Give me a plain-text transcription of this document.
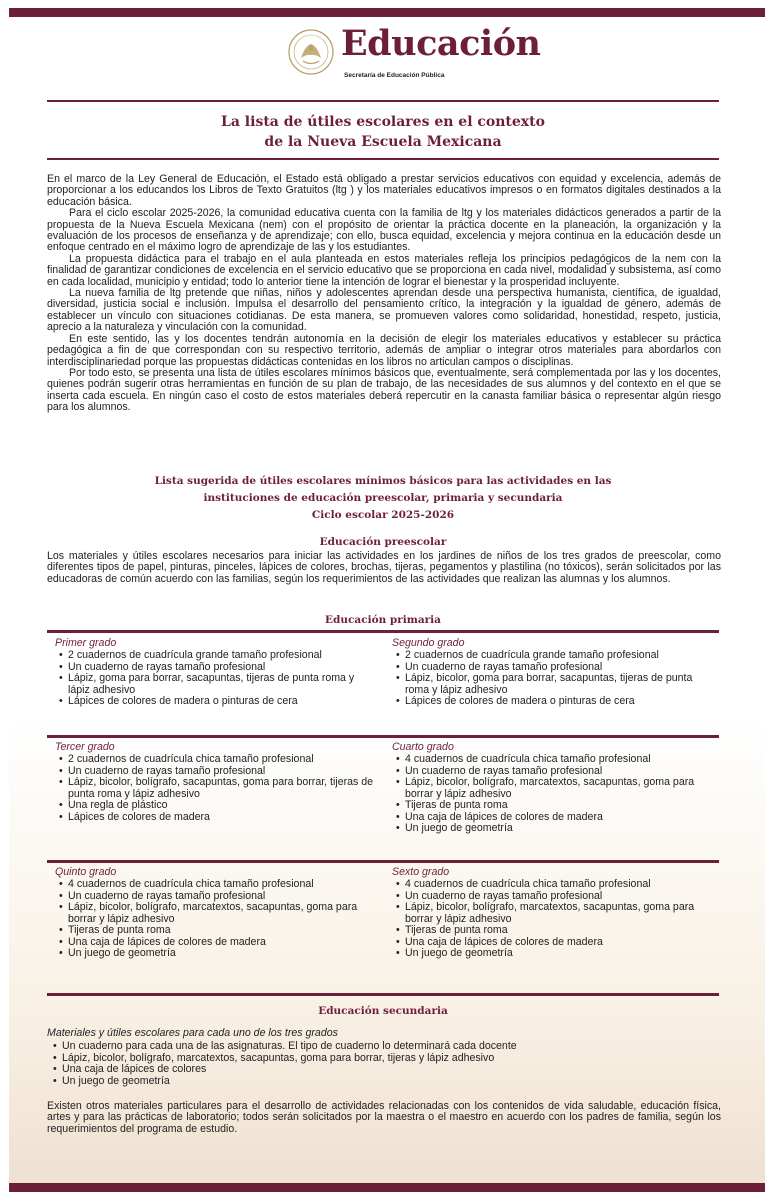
Educación
Secretaría de Educación Pública
La lista de útiles escolares en el contexto
de la Nueva Escuela Mexicana

En el marco de la Ley General de Educación, el Estado está obligado a prestar servicios educativos con equidad y excelencia, además de proporcionar a los educandos los Libros de Texto Gratuitos (ltg ) y los materiales educativos impresos o en formatos digitales destinados a la educación básica.

Para el ciclo escolar 2025-2026, la comunidad educativa cuenta con la familia de ltg y los materiales didácticos generados a partir de la propuesta de la Nueva Escuela Mexicana (nem) con el propósito de orientar la práctica docente en la planeación, la organización y la evaluación de los procesos de enseñanza y de aprendizaje; con ello, busca equidad, excelencia y mejora continua en la educación desde un enfoque centrado en el máximo logro de aprendizaje de las y los estudiantes.

La propuesta didáctica para el trabajo en el aula planteada en estos materiales refleja los principios pedagógicos de la nem con la finalidad de garantizar condiciones de excelencia en el servicio educativo que se proporciona en cada nivel, modalidad y subsistema, así como en cada localidad, municipio y entidad; todo lo anterior tiene la intención de lograr el bienestar y la prosperidad incluyente.

La nueva familia de ltg pretende que niñas, niños y adolescentes aprendan desde una perspectiva humanista, científica, de igualdad, diversidad, justicia social e inclusión. Impulsa el desarrollo del pensamiento crítico, la integración y la igualdad de género, además de establecer un vínculo con situaciones cotidianas. De esta manera, se promueven valores como solidaridad, honestidad, respeto, justicia, aprecio a la naturaleza y vinculación con la comunidad.

En este sentido, las y los docentes tendrán autonomía en la decisión de elegir los materiales educativos y establecer su práctica pedagógica a fin de que correspondan con su respectivo territorio, además de ampliar o integrar otros materiales para abordarlos con interdisciplinariedad porque las propuestas didácticas contenidas en los libros no articulan campos o disciplinas.

Por todo esto, se presenta una lista de útiles escolares mínimos básicos que, eventualmente, será complementada por las y los docentes, quienes podrán sugerir otras herramientas en función de su plan de trabajo, de las necesidades de sus alumnos y del contexto en el que se inserta cada escuela. En ningún caso el costo de estos materiales deberá repercutir en la canasta familiar básica o representar algún riesgo para los alumnos.

Lista sugerida de útiles escolares mínimos básicos para las actividades en las
instituciones de educación preescolar, primaria y secundaria
Ciclo escolar 2025-2026
Educación preescolar

Los materiales y útiles escolares necesarios para iniciar las actividades en los jardines de niños de los tres grados de preescolar, como diferentes tipos de papel, pinturas, pinceles, lápices de colores, brochas, tijeras, pegamentos y plastilina (no tóxicos), serán solicitados por las educadoras de común acuerdo con las familias, según los requerimientos de las actividades que realizan las alumnas y los alumnos.

Educación primaria
Primer grado
• 2 cuadernos de cuadrícula grande tamaño profesional
• Un cuaderno de rayas tamaño profesional
• Lápiz, goma para borrar, sacapuntas, tijeras de punta roma y lápiz adhesivo
• Lápices de colores de madera o pinturas de cera
Segundo grado
• 2 cuadernos de cuadrícula grande tamaño profesional
• Un cuaderno de rayas tamaño profesional
• Lápiz, bicolor, goma para borrar, sacapuntas, tijeras de punta roma y lápiz adhesivo
• Lápices de colores de madera o pinturas de cera
Tercer grado
• 2 cuadernos de cuadrícula chica tamaño profesional
• Un cuaderno de rayas tamaño profesional
• Lápiz, bicolor, bolígrafo, sacapuntas, goma para borrar, tijeras de punta roma y lápiz adhesivo
• Una regla de plástico
• Lápices de colores de madera
Cuarto grado
• 4 cuadernos de cuadrícula chica tamaño profesional
• Un cuaderno de rayas tamaño profesional
• Lápiz, bicolor, bolígrafo, marcatextos, sacapuntas, goma para borrar y lápiz adhesivo
• Tijeras de punta roma
• Una caja de lápices de colores de madera
• Un juego de geometría
Quinto grado
• 4 cuadernos de cuadrícula chica tamaño profesional
• Un cuaderno de rayas tamaño profesional
• Lápiz, bicolor, bolígrafo, marcatextos, sacapuntas, goma para borrar y lápiz adhesivo
• Tijeras de punta roma
• Una caja de lápices de colores de madera
• Un juego de geometría
Sexto grado
• 4 cuadernos de cuadrícula chica tamaño profesional
• Un cuaderno de rayas tamaño profesional
• Lápiz, bicolor, bolígrafo, marcatextos, sacapuntas, goma para borrar y lápiz adhesivo
• Tijeras de punta roma
• Una caja de lápices de colores de madera
• Un juego de geometría
Educación secundaria
Materiales y útiles escolares para cada uno de los tres grados
• Un cuaderno para cada una de las asignaturas. El tipo de cuaderno lo determinará cada docente
• Lápiz, bicolor, bolígrafo, marcatextos, sacapuntas, goma para borrar, tijeras y lápiz adhesivo
• Una caja de lápices de colores
• Un juego de geometría

Existen otros materiales particulares para el desarrollo de actividades relacionadas con los contenidos de vida saludable, educación física, artes y para las prácticas de laboratorio; todos serán solicitados por la maestra o el maestro en acuerdo con los padres de familia, según los requerimientos del programa de estudio.
